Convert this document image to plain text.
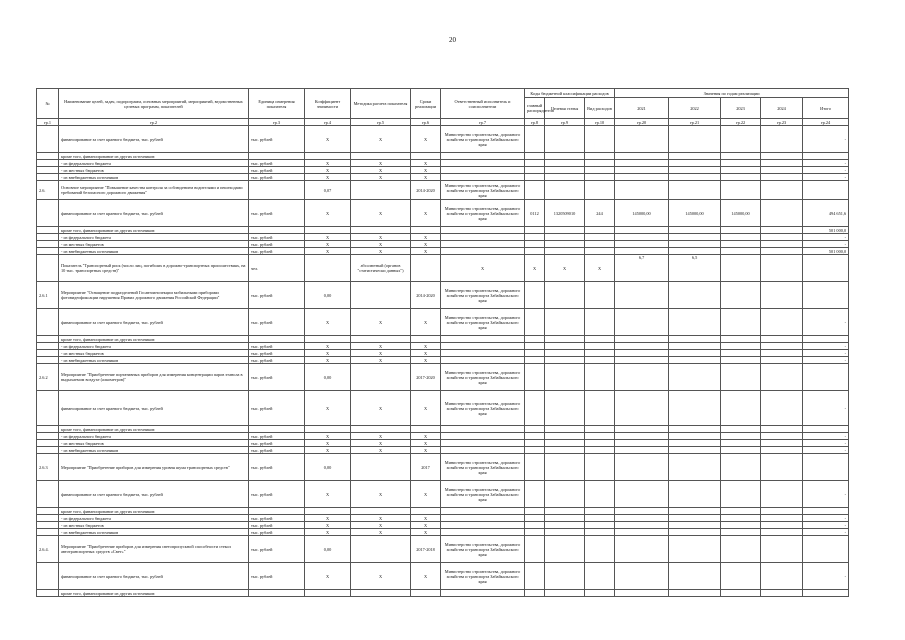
20
№	Наименование целей, задач, подпрограмм, основных мероприятий, мероприятий, ведомственных целевых программ, показателей	Единица измерения показателя	Коэффициент значимости	Методика расчета показателя	Сроки реализации	Ответственный исполнитель и соисполнители	Коды бюджетной классификации расходов			Значения по годам реализации				
							главный распорядитель	Целевая статья	Вид расходов	2021	2022	2023	2024	Итого
гр.1	гр.2	гр.3	гр.4	гр.5	гр.6	гр.7	гр.8	гр.9	гр.10	гр.20	гр.21	гр.22	гр.23	гр.24
	финансирование за счет краевого бюджета, тыс. рублей	тыс. рублей	Х	Х	Х	Министерство строительства, дорожного хозяйства и транспорта Забайкальского края								-
	кроме того, финансирование из других источников:													
	- из федерального бюджета	тыс. рублей	Х	Х	Х									-
	- из местных бюджетов	тыс. рублей	Х	Х	Х									-
	- из внебюджетных источников	тыс. рублей	Х	Х	Х									-
2.6.	Основное мероприятие "Повышение качества контроля за соблюдением водителями и пешеходами требований безопасного дорожного движения"		0,07		2014-2020	Министерство строительства, дорожного хозяйства и транспорта Забайкальского края								
	финансирование за счет краевого бюджета, тыс. рублей	тыс. рублей	Х	Х	Х	Министерство строительства, дорожного хозяйства и транспорта Забайкальского края	0112	1320509010	244	145000,00	145000,00	145000,00		494 651,6
	кроме того, финансирование из других источников:													501 000,0
	- из федерального бюджета	тыс. рублей	Х	Х	Х									-
	- из местных бюджетов	тыс. рублей	Х	Х	Х									-
	- из внебюджетных источников	тыс. рублей	Х	Х	Х									501 000,0
	Показатель "Транспортный риск (число лиц, погибших в дорожно-транспортных происшествиях, на 10 тыс. транспортных средств)"	чел.		абсолютный (органов "статистически данных")		Х	Х	Х	Х	6,7	6,5			
2.6.1	Мероприятие "Оснащение подразделений Госавтоинспекции мобильными приборами фотовидеофиксации нарушения Правил дорожного движения Российской Федерации"	тыс. рублей	0,00		2014-2020	Министерство строительства, дорожного хозяйства и транспорта Забайкальского края								
	финансирование за счет краевого бюджета, тыс. рублей	тыс. рублей	Х	Х	Х	Министерство строительства, дорожного хозяйства и транспорта Забайкальского края								-
	кроме того, финансирование из других источников:													
	- из федерального бюджета	тыс. рублей	Х	Х	Х									-
	- из местных бюджетов	тыс. рублей	Х	Х	Х									-
	- из внебюджетных источников	тыс. рублей	Х	Х	Х									-
2.6.2	Мероприятие "Приобретение портативных приборов для измерения концентрации паров этанола в выдыхаемом воздухе (алкометров)"	тыс. рублей	0,00		2017-2020	Министерство строительства, дорожного хозяйства и транспорта Забайкальского края								
	финансирование за счет краевого бюджета, тыс. рублей	тыс. рублей	Х	Х	Х	Министерство строительства, дорожного хозяйства и транспорта Забайкальского края								-
	кроме того, финансирование из других источников:													
	- из федерального бюджета	тыс. рублей	Х	Х	Х									-
	- из местных бюджетов	тыс. рублей	Х	Х	Х									-
	- из внебюджетных источников	тыс. рублей	Х	Х	Х									-
2.6.3	Мероприятие "Приобретение приборов для измерения уровня шума транспортных средств"	тыс. рублей	0,00		2017	Министерство строительства, дорожного хозяйства и транспорта Забайкальского края								
	финансирование за счет краевого бюджета, тыс. рублей	тыс. рублей	Х	Х	Х	Министерство строительства, дорожного хозяйства и транспорта Забайкальского края								-
	кроме того, финансирование из других источников:													
	- из федерального бюджета	тыс. рублей	Х	Х	Х									-
	- из местных бюджетов	тыс. рублей	Х	Х	Х									-
	- из внебюджетных источников	тыс. рублей	Х	Х	Х									-
2.6.4.	Мероприятие "Приобретение приборов для измерения светопропускной способности стекол автотранспортных средств «Свет»"	тыс. рублей	0,00		2017-2018	Министерство строительства, дорожного хозяйства и транспорта Забайкальского края								
	финансирование за счет краевого бюджета, тыс. рублей	тыс. рублей	Х	Х	Х	Министерство строительства, дорожного хозяйства и транспорта Забайкальского края								-
	кроме того, финансирование из других источников:													
